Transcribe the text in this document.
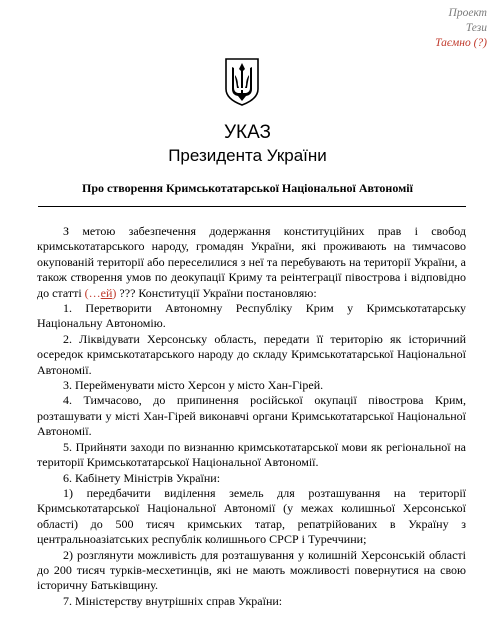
Проект
Тези
Таємно (?)
УКАЗ
Президента України
Про створення Кримськотатарської Національної Автономії

З метою забезпечення додержання конституційних прав і свобод кримськотатарського народу, громадян України, які проживають на тимчасово окупованій території або переселилися з неї та перебувають на території України, а також створення умов по деокупації Криму та реінтеграції півострова і відповідно до статті (…ей) ??? Конституції України постановляю:

1. Перетворити Автономну Республіку Крим у Кримськотатарську Національну Автономію.

2. Ліквідувати Херсонську область, передати її територію як історичний осередок кримськотатарського народу до складу Кримськотатарської Національної Автономії.

3. Перейменувати місто Херсон у місто Хан-Гірей.

4. Тимчасово, до припинення російської окупації півострова Крим, розташувати у місті Хан-Гірей виконавчі органи Кримськотатарської Національної Автономії.

5. Прийняти заходи по визнанню кримськотатарської мови як регіональної на території Кримськотатарської Національної Автономії.

6. Кабінету Міністрів України:

1) передбачити виділення земель для розташування на території Кримськотатарської Національної Автономії (у межах колишньої Херсонської області) до 500 тисяч кримських татар, репатрійованих в Україну з центральноазіатських республік колишнього СРСР і Туреччини;

2) розглянути можливість для розташування у колишній Херсонській області до 200 тисяч турків-месхетинців, які не мають можливості повернутися на свою історичну Батьківщину.

7. Міністерству внутрішніх справ України:
